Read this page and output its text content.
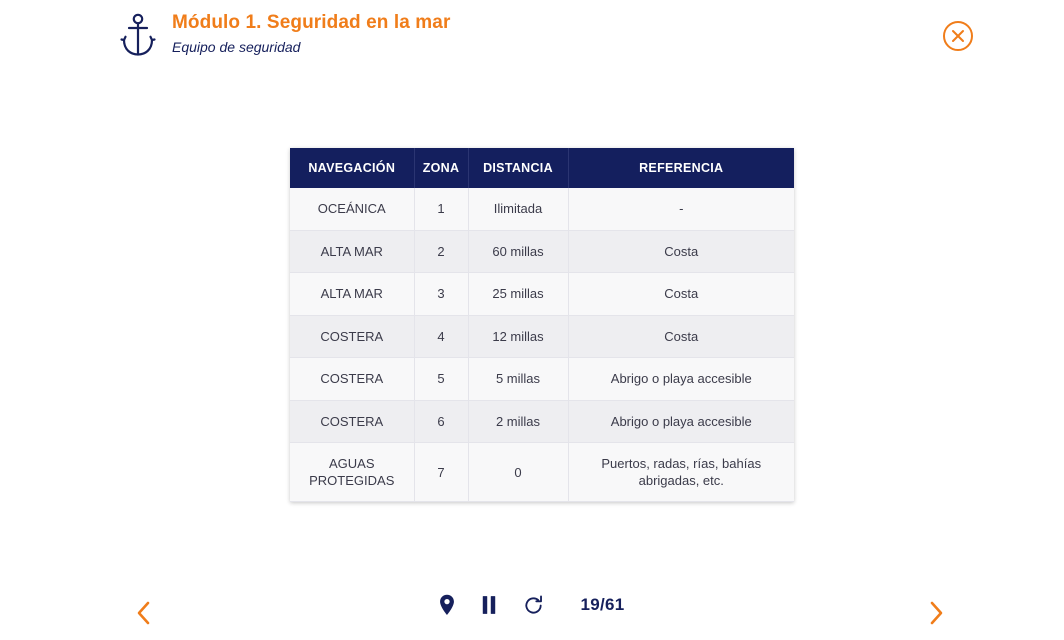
Módulo 1. Seguridad en la mar

Equipo de seguridad

NAVEGACIÓN	ZONA	DISTANCIA	REFERENCIA
OCEÁNICA	1	Ilimitada	-
ALTA MAR	2	60 millas	Costa
ALTA MAR	3	25 millas	Costa
COSTERA	4	12 millas	Costa
COSTERA	5	5 millas	Abrigo o playa accesible
COSTERA	6	2 millas	Abrigo o playa accesible
AGUAS PROTEGIDAS	7	0	Puertos, radas, rías, bahías abrigadas, etc.
19/61
